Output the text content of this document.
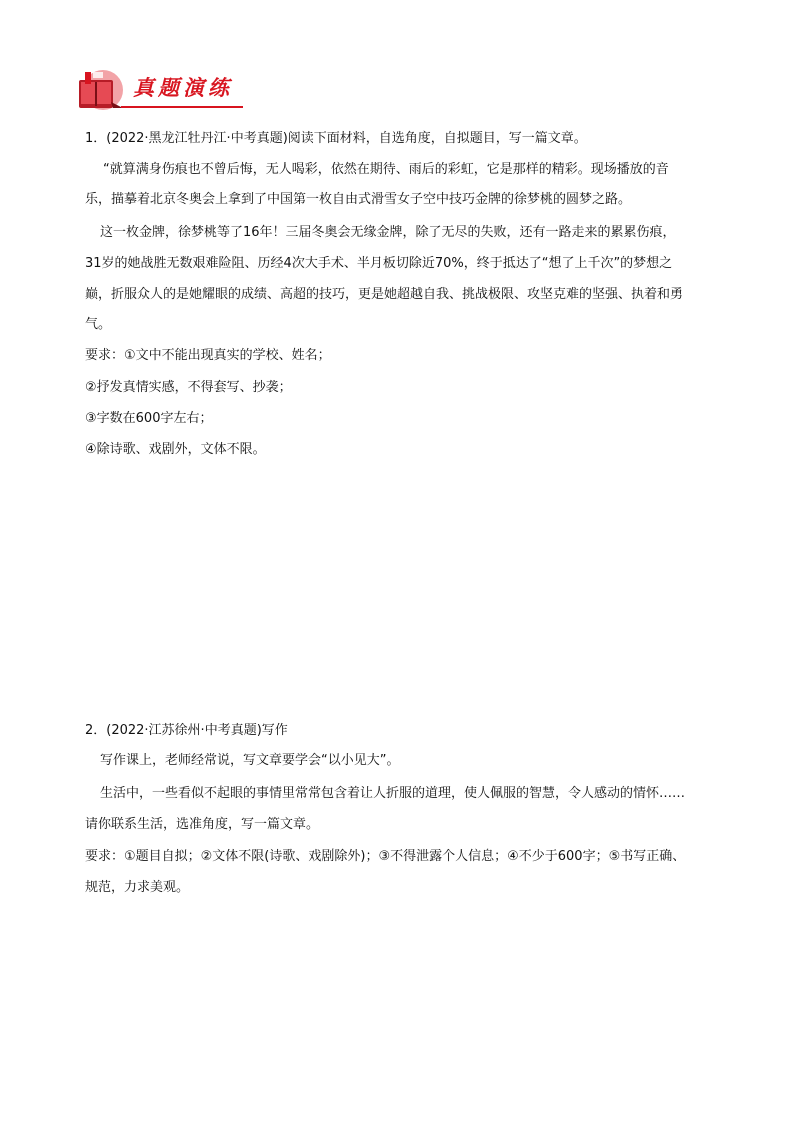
真题演练
1．(2022·黑龙江牡丹江·中考真题)阅读下面材料，自选角度，自拟题目，写一篇文章。
“就算满身伤痕也不曾后悔，无人喝彩，依然在期待、雨后的彩虹，它是那样的精彩。现场播放的音
乐，描摹着北京冬奥会上拿到了中国第一枚自由式滑雪女子空中技巧金牌的徐梦桃的圆梦之路。
这一枚金牌，徐梦桃等了16年！三届冬奥会无缘金牌，除了无尽的失败，还有一路走来的累累伤痕，
31岁的她战胜无数艰难险阻、历经4次大手术、半月板切除近70%，终于抵达了“想了上千次”的梦想之
巅，折服众人的是她耀眼的成绩、高超的技巧，更是她超越自我、挑战极限、攻坚克难的坚强、执着和勇
气。
要求：①文中不能出现真实的学校、姓名；
②抒发真情实感，不得套写、抄袭；
③字数在600字左右；
④除诗歌、戏剧外，文体不限。
2．(2022·江苏徐州·中考真题)写作
写作课上，老师经常说，写文章要学会“以小见大”。
生活中，一些看似不起眼的事情里常常包含着让人折服的道理，使人佩服的智慧，令人感动的情怀……
请你联系生活，选准角度，写一篇文章。
要求：①题目自拟；②文体不限(诗歌、戏剧除外)；③不得泄露个人信息；④不少于600字；⑤书写正确、
规范，力求美观。
